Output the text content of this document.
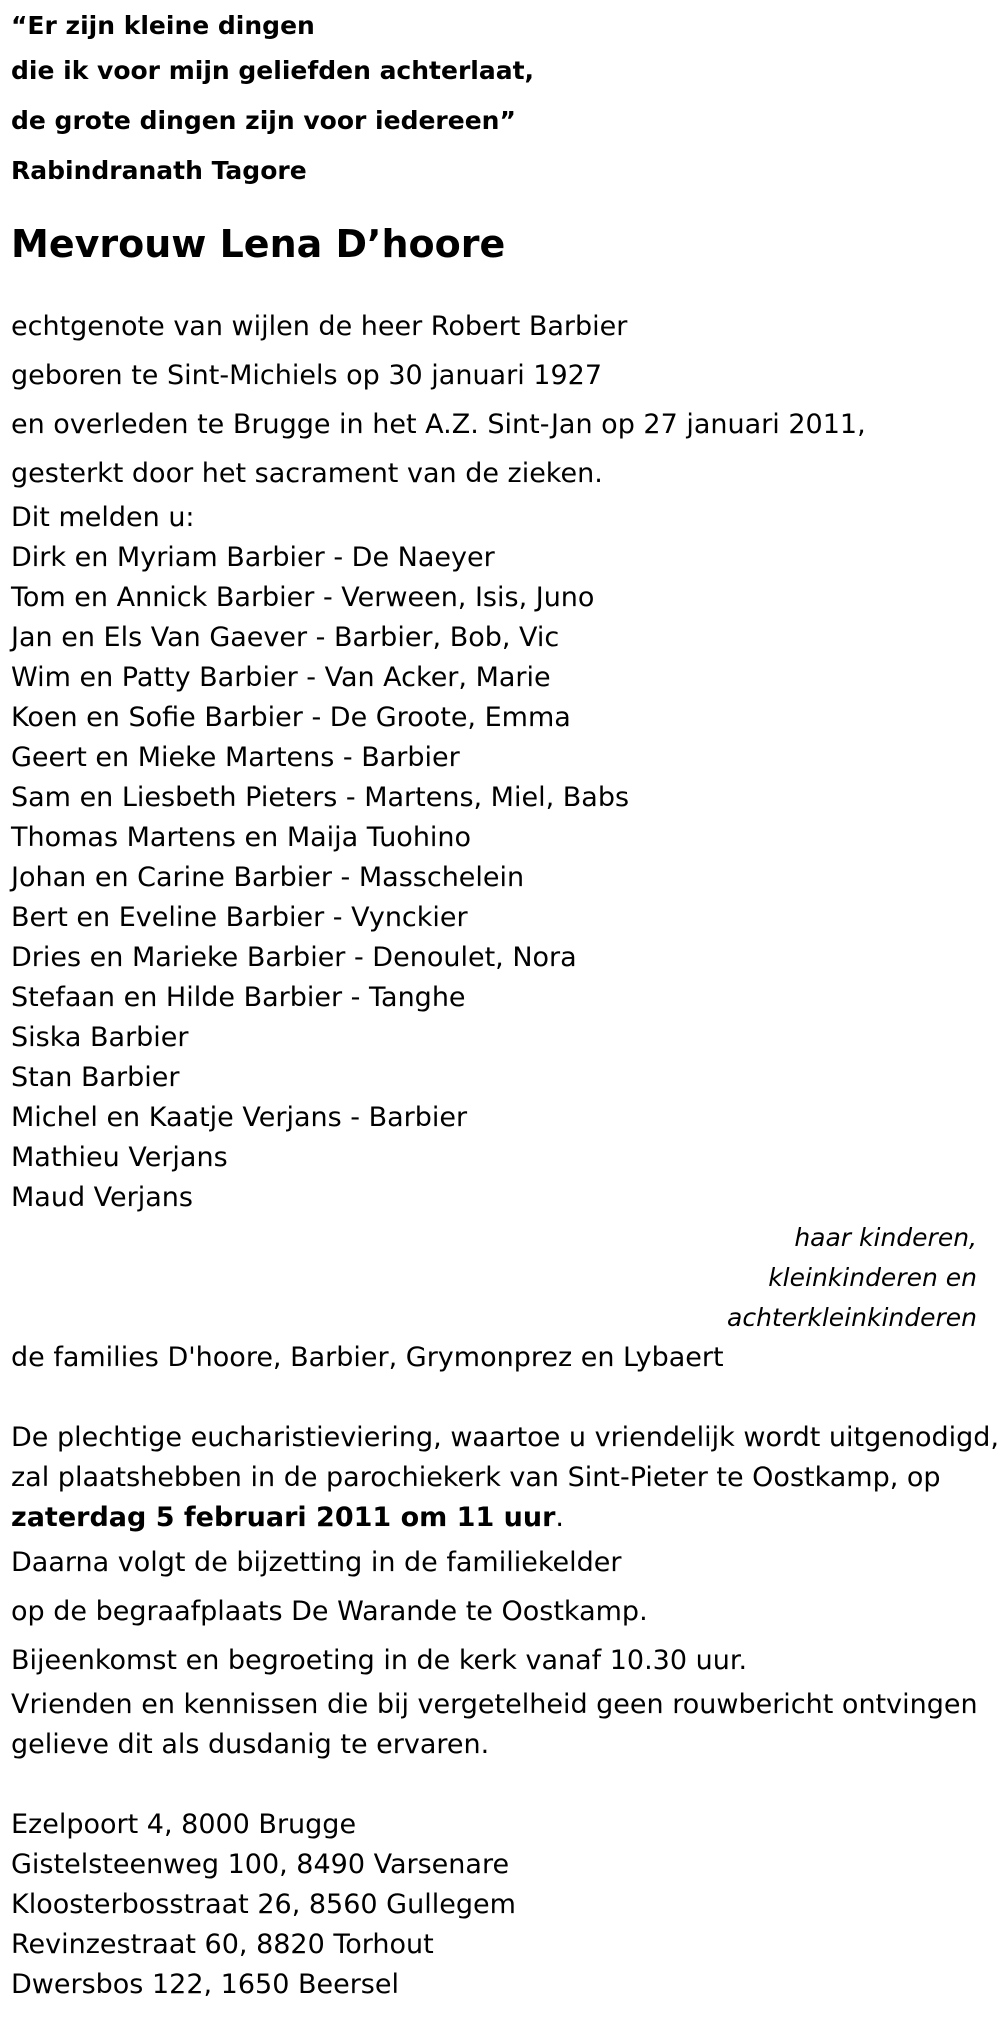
“Er zijn kleine dingen
die ik voor mijn geliefden achterlaat,
de grote dingen zijn voor iedereen”
Rabindranath Tagore
Mevrouw Lena D’hoore
echtgenote van wijlen de heer Robert Barbier
geboren te Sint-Michiels op 30 januari 1927
en overleden te Brugge in het A.Z. Sint-Jan op 27 januari 2011,
gesterkt door het sacrament van de zieken.
Dit melden u:
Dirk en Myriam Barbier - De Naeyer
Tom en Annick Barbier - Verween, Isis, Juno
Jan en Els Van Gaever - Barbier, Bob, Vic
Wim en Patty Barbier - Van Acker, Marie
Koen en Sofie Barbier - De Groote, Emma
Geert en Mieke Martens - Barbier
Sam en Liesbeth Pieters - Martens, Miel, Babs
Thomas Martens en Maija Tuohino
Johan en Carine Barbier - Masschelein
Bert en Eveline Barbier - Vynckier
Dries en Marieke Barbier - Denoulet, Nora
Stefaan en Hilde Barbier - Tanghe
Siska Barbier
Stan Barbier
Michel en Kaatje Verjans - Barbier
Mathieu Verjans
Maud Verjans
haar kinderen,
kleinkinderen en
achterkleinkinderen
de families D'hoore, Barbier, Grymonprez en Lybaert
De plechtige eucharistieviering, waartoe u vriendelijk wordt uitgenodigd,
zal plaatshebben in de parochiekerk van Sint-Pieter te Oostkamp, op
zaterdag 5 februari 2011 om 11 uur.
Daarna volgt de bijzetting in de familiekelder
op de begraafplaats De Warande te Oostkamp.
Bijeenkomst en begroeting in de kerk vanaf 10.30 uur.
Vrienden en kennissen die bij vergetelheid geen rouwbericht ontvingen
gelieve dit als dusdanig te ervaren.
Ezelpoort 4, 8000 Brugge
Gistelsteenweg 100, 8490 Varsenare
Kloosterbosstraat 26, 8560 Gullegem
Revinzestraat 60, 8820 Torhout
Dwersbos 122, 1650 Beersel
